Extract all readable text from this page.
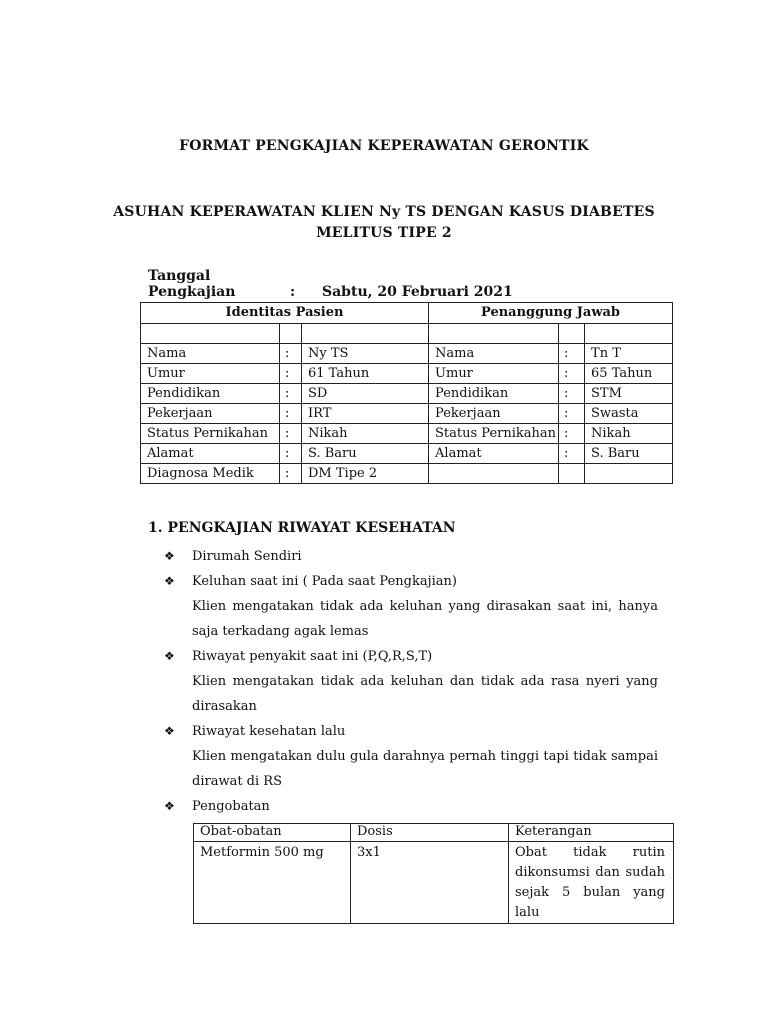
FORMAT PENGKAJIAN KEPERAWATAN GERONTIK
ASUHAN KEPERAWATAN KLIEN Ny TS DENGAN KASUS DIABETES
MELITUS TIPE 2
Tanggal Pengkajian	: Sabtu, 20 Februari 2021
Identitas Pasien			Penanggung Jawab		

Nama	:	Ny TS	Nama	:	Tn T
Umur	:	61 Tahun	Umur	:	65 Tahun
Pendidikan	:	SD	Pendidikan	:	STM
Pekerjaan	:	IRT	Pekerjaan	:	Swasta
Status Pernikahan	:	Nikah	Status Pernikahan	:	Nikah
Alamat	:	S. Baru	Alamat	:	S. Baru
Diagnosa Medik	:	DM Tipe 2			
1. PENGKAJIAN RIWAYAT KESEHATAN
❖ Dirumah Sendiri
❖ Keluhan saat ini ( Pada saat Pengkajian)
Klien mengatakan tidak ada keluhan yang dirasakan saat ini, hanya saja terkadang agak lemas
❖ Riwayat penyakit saat ini (P,Q,R,S,T)
Klien mengatakan tidak ada keluhan dan tidak ada rasa nyeri yang dirasakan
❖ Riwayat kesehatan lalu
Klien mengatakan dulu gula darahnya pernah tinggi tapi tidak sampai dirawat di RS
❖ Pengobatan
Obat-obatan	Dosis	Keterangan
Metformin 500 mg	3x1	Obat tidak rutin dikonsumsi dan sudah sejak 5 bulan yang lalu
